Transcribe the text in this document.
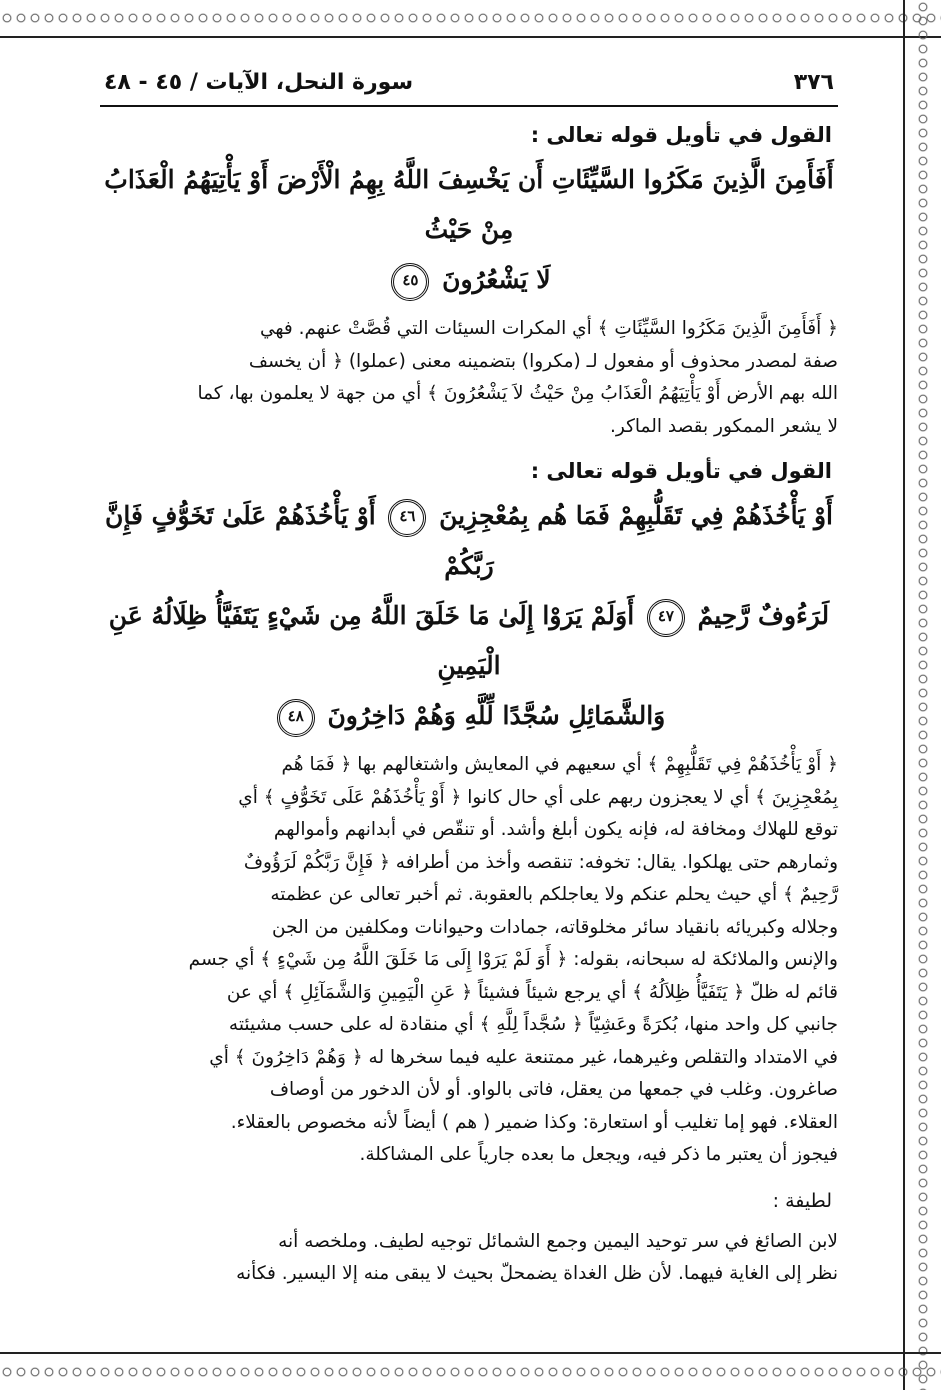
٣٧٦
سورة النحل، الآيات / ٤٥ - ٤٨
القول في تأويل قوله تعالى :
أَفَأَمِنَ الَّذِينَ مَكَرُوا السَّيِّئَاتِ أَن يَخْسِفَ اللَّهُ بِهِمُ الْأَرْضَ أَوْ يَأْتِيَهُمُ الْعَذَابُ مِنْ حَيْثُ
لَا يَشْعُرُونَ ٤٥
﴿ أَفَأَمِنَ الَّذِينَ مَكَرُوا السَّيِّئَاتِ ﴾ أي المكرات السيئات التي قُصَّتْ عنهم. فهي
صفة لمصدر محذوف أو مفعول لـ (مكروا) بتضمينه معنى (عملوا) ﴿ أن يخسف
الله بهم الأرض أَوْ يَأْتِيَهُمُ الْعَذَابُ مِنْ حَيْثُ لاَ يَشْعُرُونَ ﴾ أي من جهة لا يعلمون بها، كما
لا يشعر الممكور بقصد الماكر.
القول في تأويل قوله تعالى :
أَوْ يَأْخُذَهُمْ فِي تَقَلُّبِهِمْ فَمَا هُم بِمُعْجِزِينَ ٤٦ أَوْ يَأْخُذَهُمْ عَلَىٰ تَخَوُّفٍ فَإِنَّ رَبَّكُمْ
لَرَءُوفٌ رَّحِيمٌ ٤٧ أَوَلَمْ يَرَوْا إِلَىٰ مَا خَلَقَ اللَّهُ مِن شَيْءٍ يَتَفَيَّأُ ظِلَالُهُ عَنِ الْيَمِينِ
وَالشَّمَائِلِ سُجَّدًا لِّلَّهِ وَهُمْ دَاخِرُونَ ٤٨
﴿ أَوْ يَأْخُذَهُمْ فِي تَقَلُّبِهِمْ ﴾ أي سعيهم في المعايش واشتغالهم بها ﴿ فَمَا هُم
بِمُعْجِزِينَ ﴾ أي لا يعجزون ربهم على أي حال كانوا ﴿ أَوْ يَأْخُذَهُمْ عَلَى تَخَوُّفٍ ﴾ أي
توقع للهلاك ومخافة له، فإنه يكون أبلغ وأشد. أو تنقّص في أبدانهم وأموالهم
وثمارهم حتى يهلكوا. يقال: تخوفه: تنقصه وأخذ من أطرافه ﴿ فَإِنَّ رَبَّكُمْ لَرَؤُوفٌ
رَّحِيمٌ ﴾ أي حيث يحلم عنكم ولا يعاجلكم بالعقوبة. ثم أخبر تعالى عن عظمته
وجلاله وكبريائه بانقياد سائر مخلوقاته، جمادات وحيوانات ومكلفين من الجن
والإنس والملائكة له سبحانه، بقوله: ﴿ أَوَ لَمْ يَرَوْا إِلَى مَا خَلَقَ اللَّهُ مِن شَيْءٍ ﴾ أي جسم
قائم له ظلّ ﴿ يَتَفَيَّأُ ظِلاَلُهُ ﴾ أي يرجع شيئاً فشيئاً ﴿ عَنِ الْيَمِينِ وَالشَّمَآئِلِ ﴾ أي عن
جانبي كل واحد منها، بُكرَةً وعَشِيّاً ﴿ سُجَّداً لِلَّهِ ﴾ أي منقادة له على حسب مشيئته
في الامتداد والتقلص وغيرهما، غير ممتنعة عليه فيما سخرها له ﴿ وَهُمْ دَاخِرُونَ ﴾ أي
صاغرون. وغلب في جمعها من يعقل، فاتى بالواو. أو لأن الدخور من أوصاف
العقلاء. فهو إما تغليب أو استعارة: وكذا ضمير ( هم ) أيضاً لأنه مخصوص بالعقلاء.
فيجوز أن يعتبر ما ذكر فيه، ويجعل ما بعده جارياً على المشاكلة.
لطيفة :
لابن الصائغ في سر توحيد اليمين وجمع الشمائل توجيه لطيف. وملخصه أنه
نظر إلى الغاية فيهما. لأن ظل الغداة يضمحلّ بحيث لا يبقى منه إلا اليسير. فكأنه
